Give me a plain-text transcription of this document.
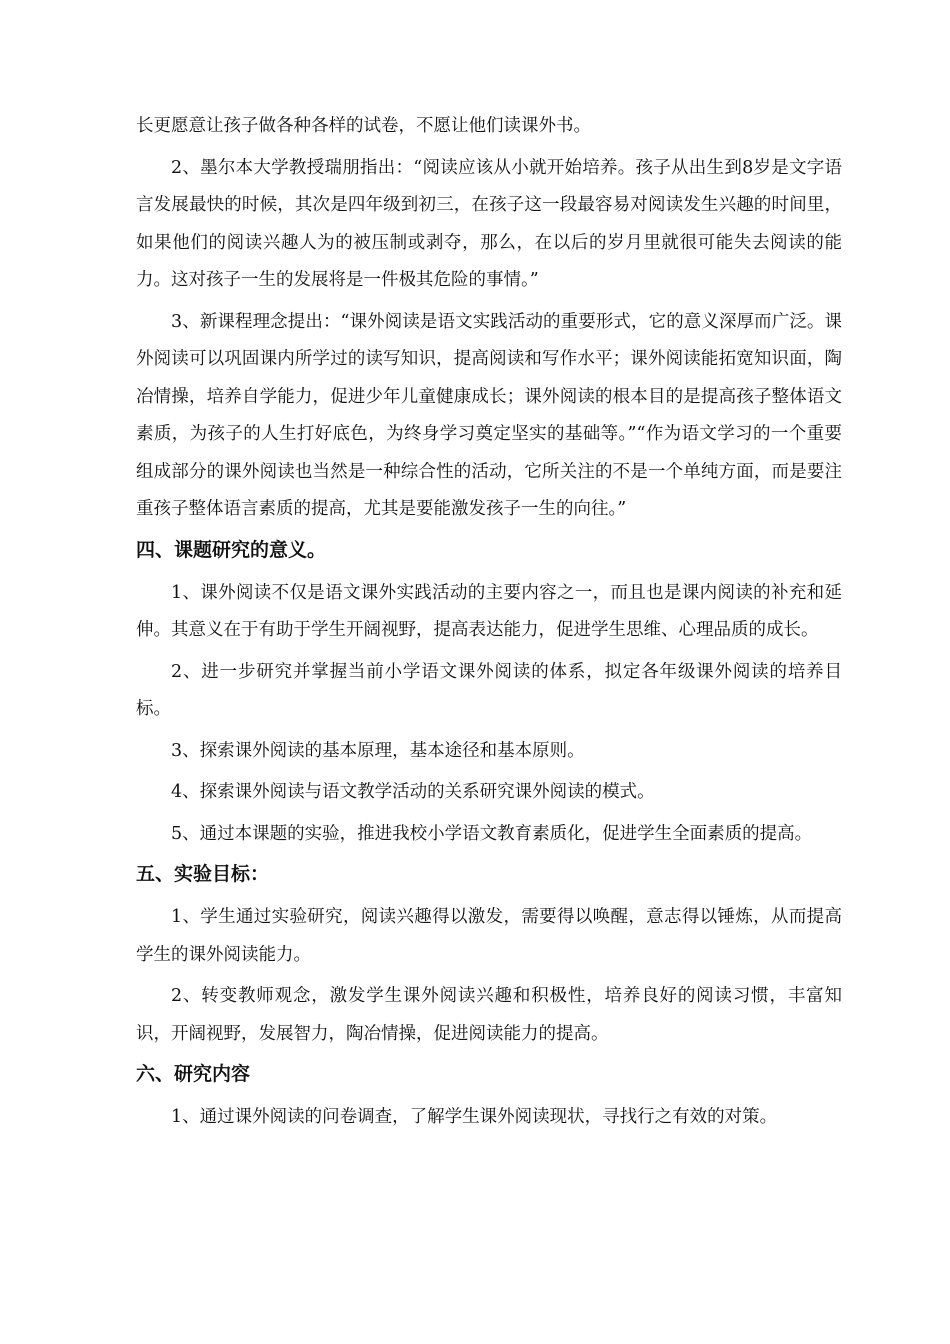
长更愿意让孩子做各种各样的试卷，不愿让他们读课外书。

2、墨尔本大学教授瑞朋指出：“阅读应该从小就开始培养。孩子从出生到8岁是文字语言发展最快的时候，其次是四年级到初三，在孩子这一段最容易对阅读发生兴趣的时间里，如果他们的阅读兴趣人为的被压制或剥夺，那么，在以后的岁月里就很可能失去阅读的能力。这对孩子一生的发展将是一件极其危险的事情。”

3、新课程理念提出：“课外阅读是语文实践活动的重要形式，它的意义深厚而广泛。课外阅读可以巩固课内所学过的读写知识，提高阅读和写作水平；课外阅读能拓宽知识面，陶冶情操，培养自学能力，促进少年儿童健康成长；课外阅读的根本目的是提高孩子整体语文素质，为孩子的人生打好底色，为终身学习奠定坚实的基础等。”“作为语文学习的一个重要组成部分的课外阅读也当然是一种综合性的活动，它所关注的不是一个单纯方面，而是要注重孩子整体语言素质的提高，尤其是要能激发孩子一生的向往。”

四、课题研究的意义。

1、课外阅读不仅是语文课外实践活动的主要内容之一，而且也是课内阅读的补充和延伸。其意义在于有助于学生开阔视野，提高表达能力，促进学生思维、心理品质的成长。

2、进一步研究并掌握当前小学语文课外阅读的体系，拟定各年级课外阅读的培养目标。

3、探索课外阅读的基本原理，基本途径和基本原则。

4、探索课外阅读与语文教学活动的关系研究课外阅读的模式。

5、通过本课题的实验，推进我校小学语文教育素质化，促进学生全面素质的提高。

五、实验目标：

1、学生通过实验研究，阅读兴趣得以激发，需要得以唤醒，意志得以锤炼，从而提高学生的课外阅读能力。

2、转变教师观念，激发学生课外阅读兴趣和积极性，培养良好的阅读习惯，丰富知识，开阔视野，发展智力，陶冶情操，促进阅读能力的提高。

六、研究内容

1、通过课外阅读的问卷调查，了解学生课外阅读现状，寻找行之有效的对策。
